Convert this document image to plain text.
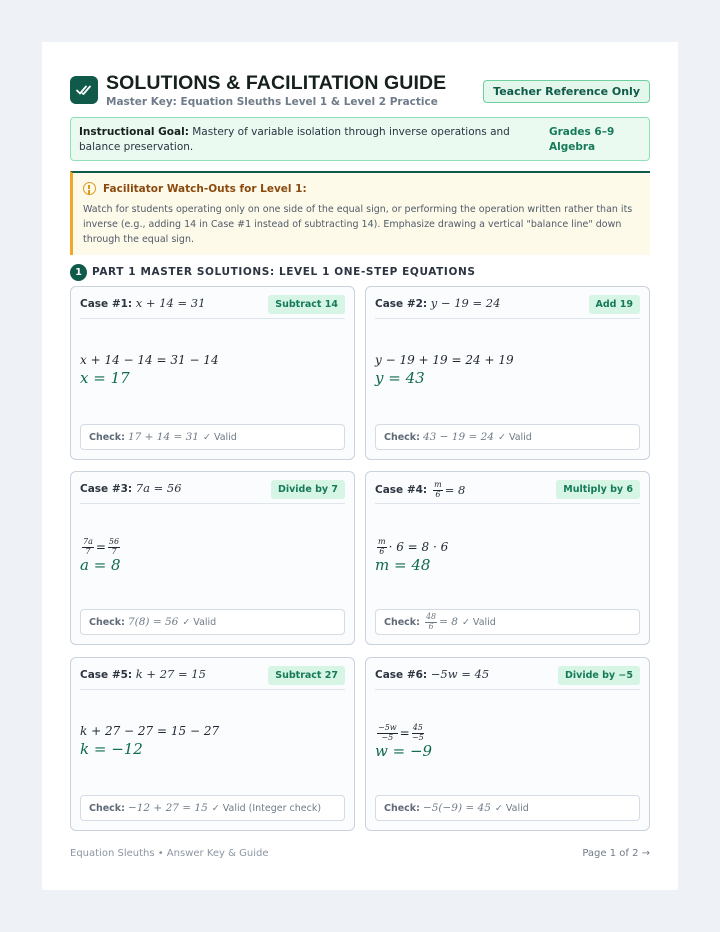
SOLUTIONS & FACILITATION GUIDE
Master Key: Equation Sleuths Level 1 & Level 2 Practice
Teacher Reference Only
Instructional Goal: Mastery of variable isolation through inverse operations and balance preservation.
Grades 6–9
Algebra
Facilitator Watch-Outs for Level 1:
Watch for students operating only on one side of the equal sign, or performing the operation written rather than its inverse (e.g., adding 14 in Case #1 instead of subtracting 14). Emphasize drawing a vertical "balance line" down through the equal sign.
1 PART 1 MASTER SOLUTIONS: LEVEL 1 ONE-STEP EQUATIONS
Case #1: x + 14 = 31	Subtract 14
x + 14 − 14 = 31 − 14
x = 17
Check: 17 + 14 = 31 ✓ Valid
Case #2: y − 19 = 24	Add 19
y − 19 + 19 = 24 + 19
y = 43
Check: 43 − 19 = 24 ✓ Valid
Case #3: 7a = 56	Divide by 7
$\frac{7a}{7} = \frac{56}{7}$
a = 8
Check: 7(8) = 56 ✓ Valid
Case #4: $\frac{m}{6} = 8$	Multiply by 6
$\frac{m}{6} \cdot 6 = 8 \cdot 6$
m = 48
Check: $\frac{48}{6} = 8$ ✓ Valid
Case #5: k + 27 = 15	Subtract 27
k + 27 − 27 = 15 − 27
k = −12
Check: −12 + 27 = 15 ✓ Valid (Integer check)
Case #6: −5w = 45	Divide by −5
$\frac{-5w}{-5} = \frac{45}{-5}$
w = −9
Check: −5(−9) = 45 ✓ Valid
Equation Sleuths • Answer Key & Guide	Page 1 of 2 →
